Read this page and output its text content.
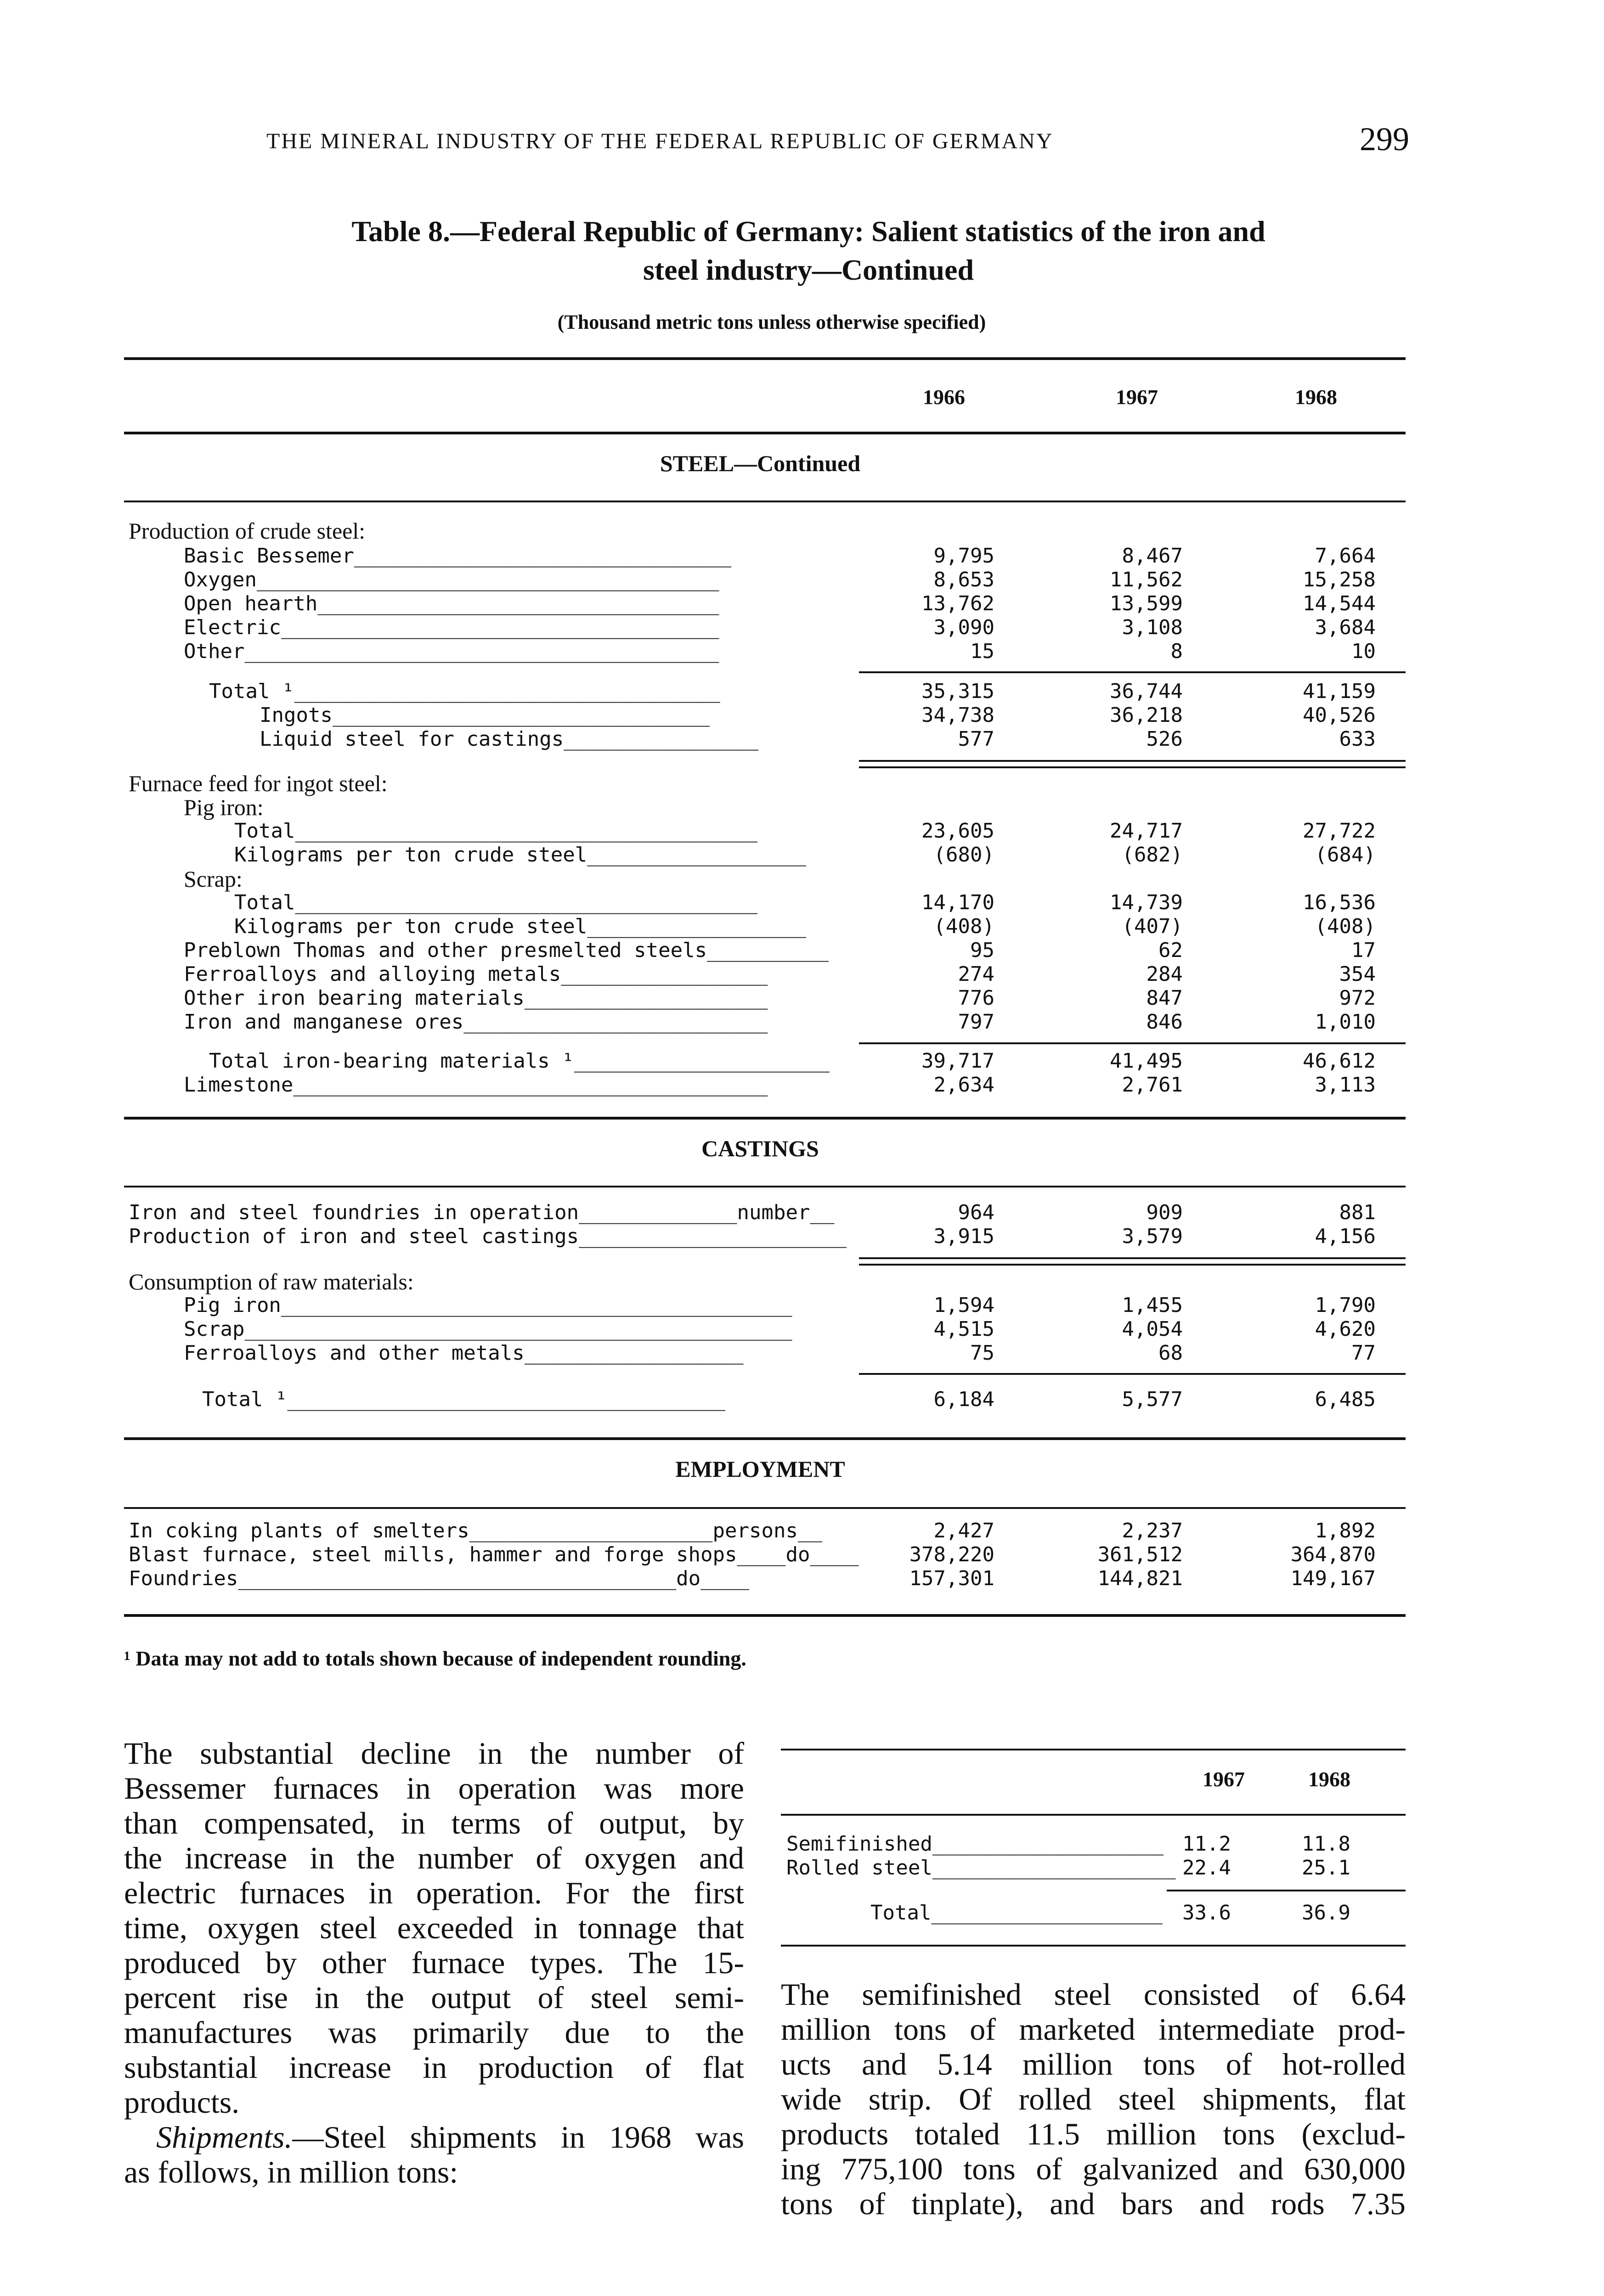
THE MINERAL INDUSTRY OF THE FEDERAL REPUBLIC OF GERMANY	299
Table 8.—Federal Republic of Germany: Salient statistics of the iron and
steel industry—Continued
(Thousand metric tons unless otherwise specified)
1966	1967	1968
STEEL—Continued
Production of crude steel:
Basic Bessemer_______________________________	9,795	8,467	7,664
Oxygen______________________________________	8,653	11,562	15,258
Open hearth_________________________________	13,762	13,599	14,544
Electric____________________________________	3,090	3,108	3,684
Other_______________________________________	15	8	10
Total ¹___________________________________	35,315	36,744	41,159
Ingots_______________________________	34,738	36,218	40,526
Liquid steel for castings________________	577	526	633
Furnace feed for ingot steel:
Pig iron:
Total______________________________________	23,605	24,717	27,722
Kilograms per ton crude steel__________________	(680)	(682)	(684)
Scrap:
Total______________________________________	14,170	14,739	16,536
Kilograms per ton crude steel__________________	(408)	(407)	(408)
Preblown Thomas and other presmelted steels__________	95	62	17
Ferroalloys and alloying metals_________________	274	284	354
Other iron bearing materials____________________	776	847	972
Iron and manganese ores_________________________	797	846	1,010
Total iron-bearing materials ¹_____________________	39,717	41,495	46,612
Limestone_______________________________________	2,634	2,761	3,113
CASTINGS
Iron and steel foundries in operation_____________number__	964	909	881
Production of iron and steel castings______________________	3,915	3,579	4,156
Consumption of raw materials:
Pig iron__________________________________________	1,594	1,455	1,790
Scrap_____________________________________________	4,515	4,054	4,620
Ferroalloys and other metals__________________	75	68	77
Total ¹____________________________________	6,184	5,577	6,485
EMPLOYMENT
In coking plants of smelters____________________persons__	2,427	2,237	1,892
Blast furnace, steel mills, hammer and forge shops____do____	378,220	361,512	364,870
Foundries____________________________________do____	157,301	144,821	149,167
¹ Data may not add to totals shown because of independent rounding.
The substantial decline in the number of
Bessemer furnaces in operation was more
than compensated, in terms of output, by
the increase in the number of oxygen and
electric furnaces in operation. For the first
time, oxygen steel exceeded in tonnage that
produced by other furnace types. The 15-
percent rise in the output of steel semi-
manufactures was primarily due to the
substantial increase in production of flat
products.
Shipments.—Steel shipments in 1968 was
as follows, in million tons:
1967	1968
Semifinished___________________ 11.2	11.8
Rolled steel____________________ 22.4	25.1
Total___________________ 33.6	36.9
The semifinished steel consisted of 6.64
million tons of marketed intermediate prod-
ucts and 5.14 million tons of hot-rolled
wide strip. Of rolled steel shipments, flat
products totaled 11.5 million tons (exclud-
ing 775,100 tons of galvanized and 630,000
tons of tinplate), and bars and rods 7.35
